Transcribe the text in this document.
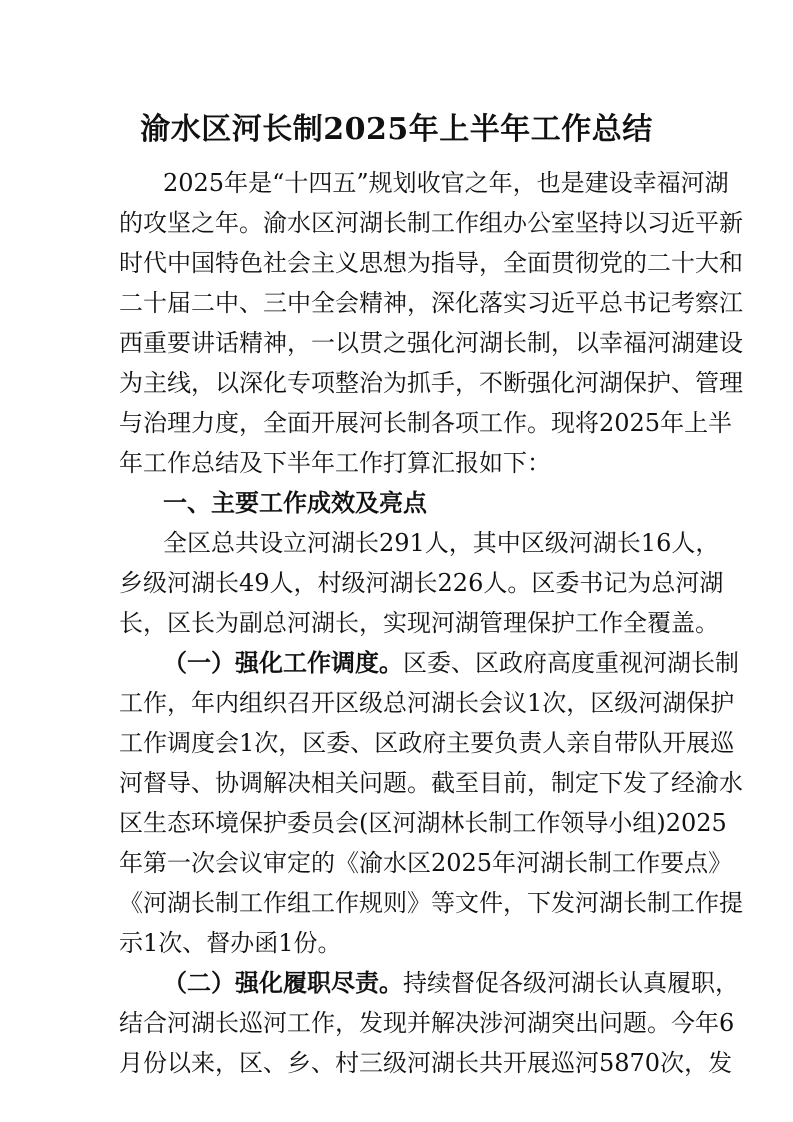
渝水区河长制2025年上半年工作总结
2025年是“十四五”规划收官之年，也是建设幸福河湖
的攻坚之年。渝水区河湖长制工作组办公室坚持以习近平新
时代中国特色社会主义思想为指导，全面贯彻党的二十大和
二十届二中、三中全会精神，深化落实习近平总书记考察江
西重要讲话精神，一以贯之强化河湖长制，以幸福河湖建设
为主线，以深化专项整治为抓手，不断强化河湖保护、管理
与治理力度，全面开展河长制各项工作。现将2025年上半
年工作总结及下半年工作打算汇报如下：
一、主要工作成效及亮点
全区总共设立河湖长291人，其中区级河湖长16人，
乡级河湖长49人，村级河湖长226人。区委书记为总河湖
长，区长为副总河湖长，实现河湖管理保护工作全覆盖。
（一）强化工作调度。区委、区政府高度重视河湖长制
工作，年内组织召开区级总河湖长会议1次，区级河湖保护
工作调度会1次，区委、区政府主要负责人亲自带队开展巡
河督导、协调解决相关问题。截至目前，制定下发了经渝水
区生态环境保护委员会(区河湖林长制工作领导小组)2025
年第一次会议审定的《渝水区2025年河湖长制工作要点》
《河湖长制工作组工作规则》等文件，下发河湖长制工作提
示1次、督办函1份。
（二）强化履职尽责。持续督促各级河湖长认真履职，
结合河湖长巡河工作，发现并解决涉河湖突出问题。今年6
月份以来，区、乡、村三级河湖长共开展巡河5870次，发
